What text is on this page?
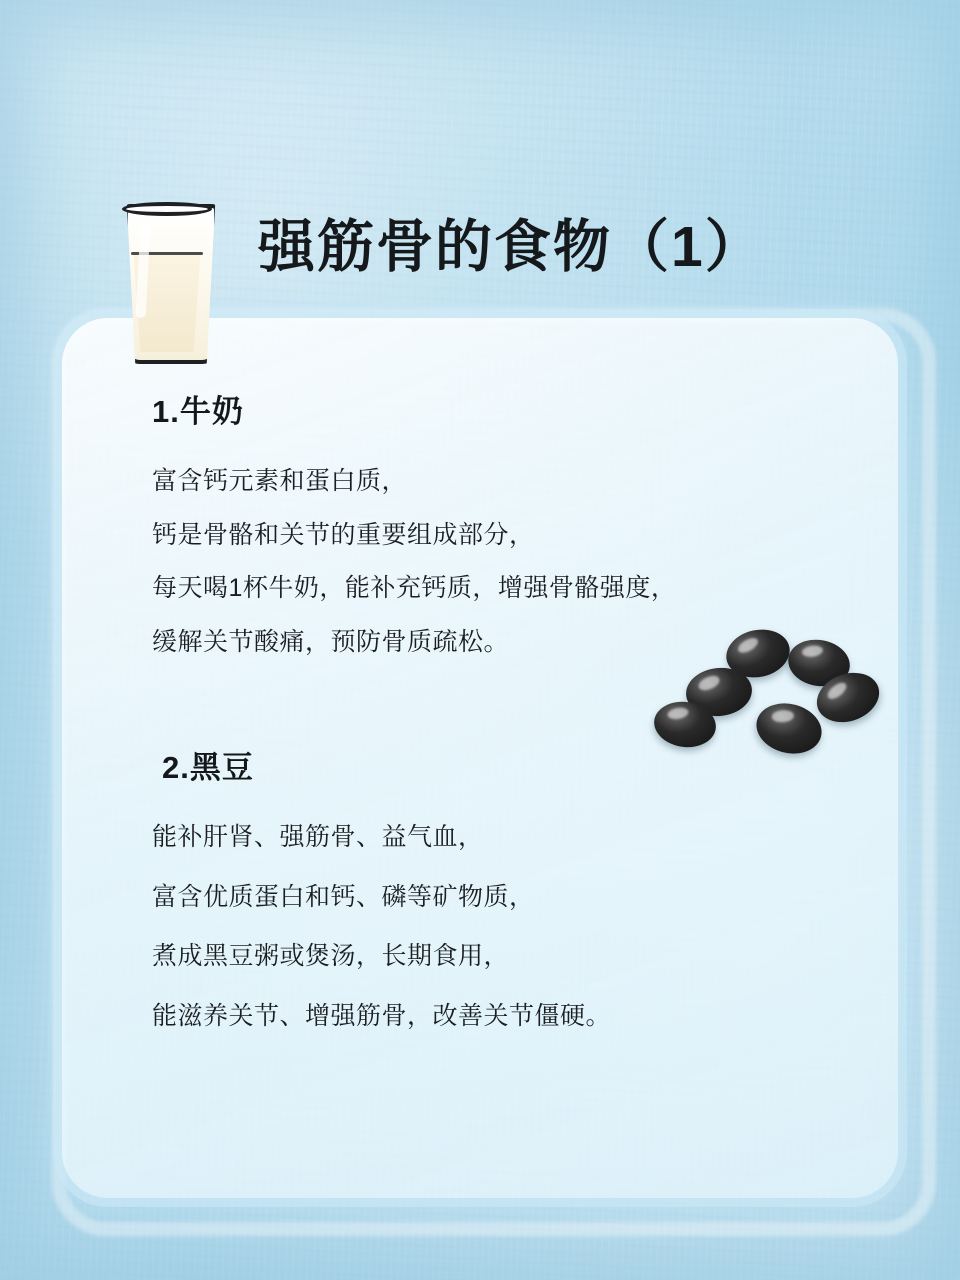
强筋骨的食物（1）
1.牛奶

富含钙元素和蛋白质，

钙是骨骼和关节的重要组成部分，

每天喝1杯牛奶，能补充钙质，增强骨骼强度，

缓解关节酸痛，预防骨质疏松。

2.黑豆

能补肝肾、强筋骨、益气血，

富含优质蛋白和钙、磷等矿物质，

煮成黑豆粥或煲汤，长期食用，

能滋养关节、增强筋骨，改善关节僵硬。
